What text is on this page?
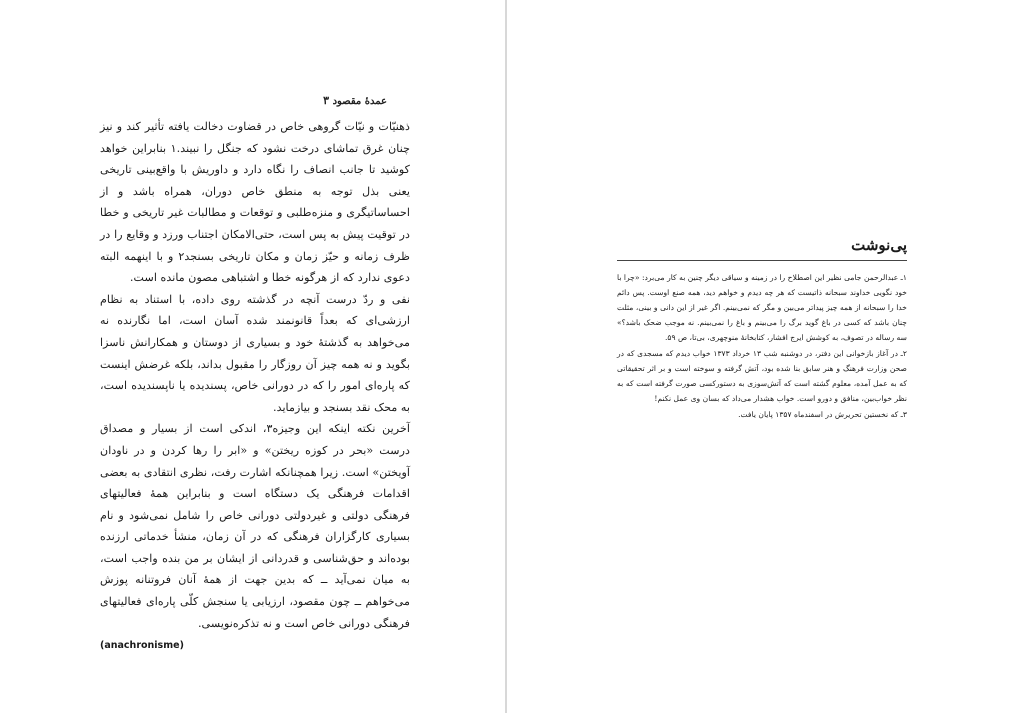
عمدۀ مقصود ۳

ذهنیّات و نیّات گروهی خاص در قضاوت دخالت یافته تأثیر کند و نیز چنان غرق تماشای درخت نشود که جنگل را نبیند.۱ بنابراین خواهد کوشید تا جانب انصاف را نگاه دارد و داوریش با واقع‌بینی تاریخی یعنی بذل توجه به منطق خاص دوران، همراه باشد و از احساساتیگری و منزه‌طلبی و توقعات و مطالبات غیر تاریخی و خطا در توقیت پیش به پس است، حتی‌الامکان اجتناب ورزد و وقایع را در ظرف زمانه و حیّز زمان و مکان تاریخی بسنجد۲ و با اینهمه البته دعوی ندارد که از هرگونه خطا و اشتباهی مصون مانده است.

نفی و ردّ درست آنچه در گذشته روی داده، با استناد به نظام ارزشی‌ای که بعداً قانونمند شده آسان است، اما نگارنده نه می‌خواهد به گذشتۀ خود و بسیاری از دوستان و همکارانش ناسزا بگوید و نه همه چیز آن روزگار را مقبول بداند، بلکه غرضش اینست که پاره‌ای امور را که در دورانی خاص، پسندیده یا ناپسندیده است، به محک نقد بسنجد و بیازماید.

آخرین نکته اینکه این وجیزه۳، اندکی است از بسیار و مصداق درست «بحر در کوزه ریختن» و «ابر را رها کردن و در ناودان آویختن» است. زیرا همچنانکه اشارت رفت، نظری انتقادی به بعضی اقدامات فرهنگی یک دستگاه است و بنابراین همۀ فعالیتهای فرهنگی دولتی و غیردولتی دورانی خاص را شامل نمی‌شود و نام بسیاری کارگزاران فرهنگی که در آن زمان، منشأ خدماتی ارزنده بوده‌اند و حق‌شناسی و قدردانی از ایشان بر من بنده واجب است، به میان نمی‌آید ــ که بدین جهت از همۀ آنان فروتنانه پوزش می‌خواهم ــ چون مقصود، ارزیابی یا سنجش کلّی پاره‌ای فعالیتهای فرهنگی دورانی خاص است و نه تذکره‌نویسی.

(anachronisme)

پی‌نوشت

۱ـ عبدالرحمن جامی نظیر این اصطلاح را در زمینه و سیاقی دیگر چنین به کار می‌برد: «چرا با خود نگویی خداوند سبحانه ذاتیست که هر چه دیدم و خواهم دید، همه صنع اوست. پس دائم خدا را سبحانه از همه چیز پیداتر می‌بین و مگر که نمی‌بینم. اگر غیر از این دانی و بینی، مثلت چنان باشد که کسی در باغ گوید برگ را می‌بینم و باغ را نمی‌بینم. نه موجب ضحک باشد؟» سه رساله در تصوف، به کوشش ایرج افشار، کتابخانۀ منوچهری، بی‌تا، ص ۵۹.

۲ـ در آغاز بازخوانی این دفتر، در دوشنبه شب ۱۳ خرداد ۱۳۷۳ خواب دیدم که مسجدی که در صحن وزارت فرهنگ و هنر سابق بنا شده بود، آتش گرفته و سوخته است و بر اثر تحقیقاتی که به عمل آمده، معلوم گشته است که آتش‌سوزی به دستورکسی صورت گرفته است که به نظر خواب‌بین، منافق و دورو است. خواب هشدار می‌داد که بسان وی عمل نکنم!

۳ـ که نخستین تحریرش در اسفندماه ۱۳۵۷ پایان یافت.
